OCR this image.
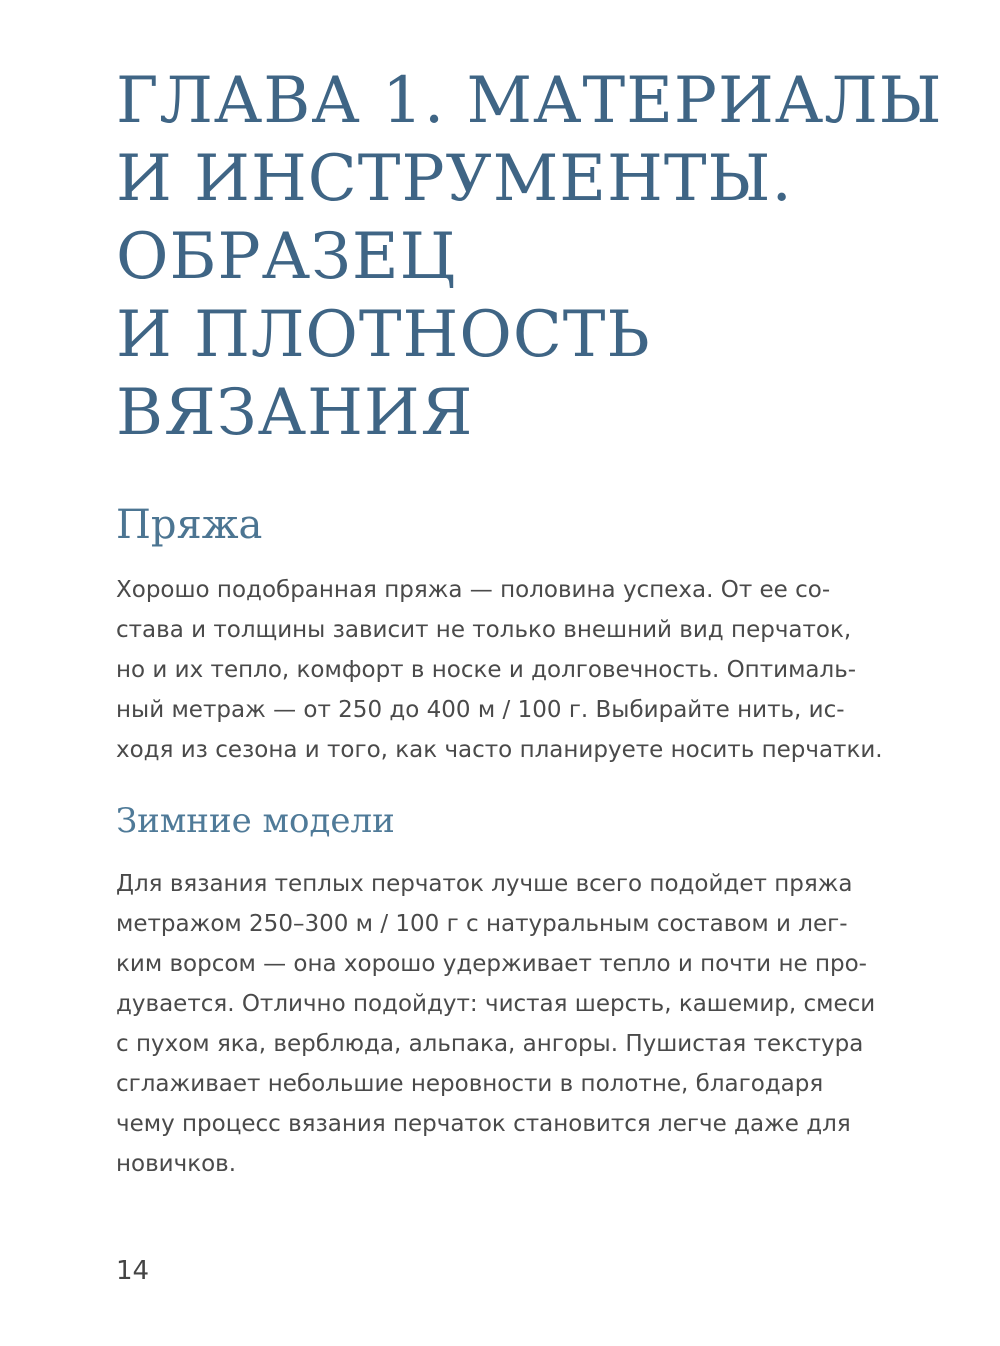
ГЛАВА 1. МАТЕРИАЛЫ
И ИНСТРУМЕНТЫ.
ОБРАЗЕЦ
И ПЛОТНОСТЬ
ВЯЗАНИЯ
Пряжа

Хорошо подобранная пряжа — половина успеха. От ее со-
става и толщины зависит не только внешний вид перчаток,
но и их тепло, комфорт в носке и долговечность. Оптималь-
ный метраж — от 250 до 400 м / 100 г. Выбирайте нить, ис-
ходя из сезона и того, как часто планируете носить перчатки.

Зимние модели

Для вязания теплых перчаток лучше всего подойдет пряжа
метражом 250–300 м / 100 г с натуральным составом и лег-
ким ворсом — она хорошо удерживает тепло и почти не про-
дувается. Отлично подойдут: чистая шерсть, кашемир, смеси
с пухом яка, верблюда, альпака, ангоры. Пушистая текстура
сглаживает небольшие неровности в полотне, благодаря
чему процесс вязания перчаток становится легче даже для
новичков.

14
